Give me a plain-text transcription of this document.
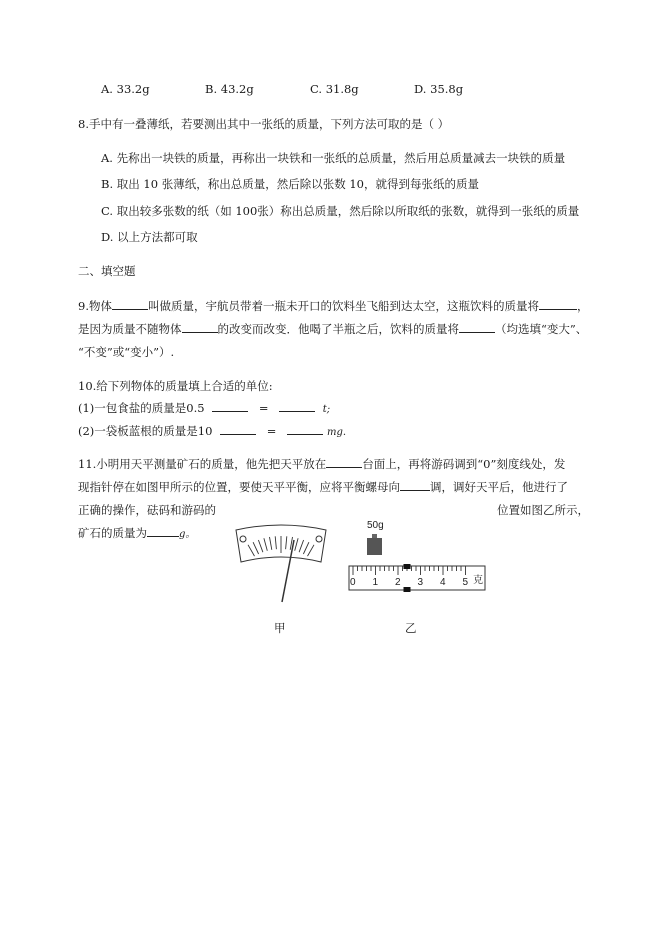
A. 33.2g	B. 43.2g	C. 31.8g	D. 35.8g
8.手中有一叠薄纸，若要测出其中一张纸的质量，下列方法可取的是（ ）
A. 先称出一块铁的质量，再称出一块铁和一张纸的总质量，然后用总质量减去一块铁的质量
B. 取出 10 张薄纸，称出总质量，然后除以张数 10，就得到每张纸的质量
C. 取出较多张数的纸（如 100张）称出总质量，然后除以所取纸的张数，就得到一张纸的质量
D. 以上方法都可取
二、填空题
9.物体	叫做质量，宇航员带着一瓶未开口的饮料坐飞船到达太空，这瓶饮料的质量将	，
是因为质量不随物体	的改变而改变．他喝了半瓶之后，饮料的质量将	（均选填“变大”、
“不变”或“变小”）.
10.给下列物体的质量填上合适的单位:
(1)一包食盐的质量是0.5	=	t;
(2)一袋板蓝根的质量是10	=	mg.
11.小明用天平测量矿石的质量，他先把天平放在	台面上，再将游码调到“0”刻度线处，发
现指针停在如图甲所示的位置，要使天平平衡，应将平衡螺母向	调，调好天平后，他进行了
正确的操作，砝码和游码的	位置如图乙所示，
矿石的质量为	g。
甲
50g
0 1 2 3 4 5 克
乙
